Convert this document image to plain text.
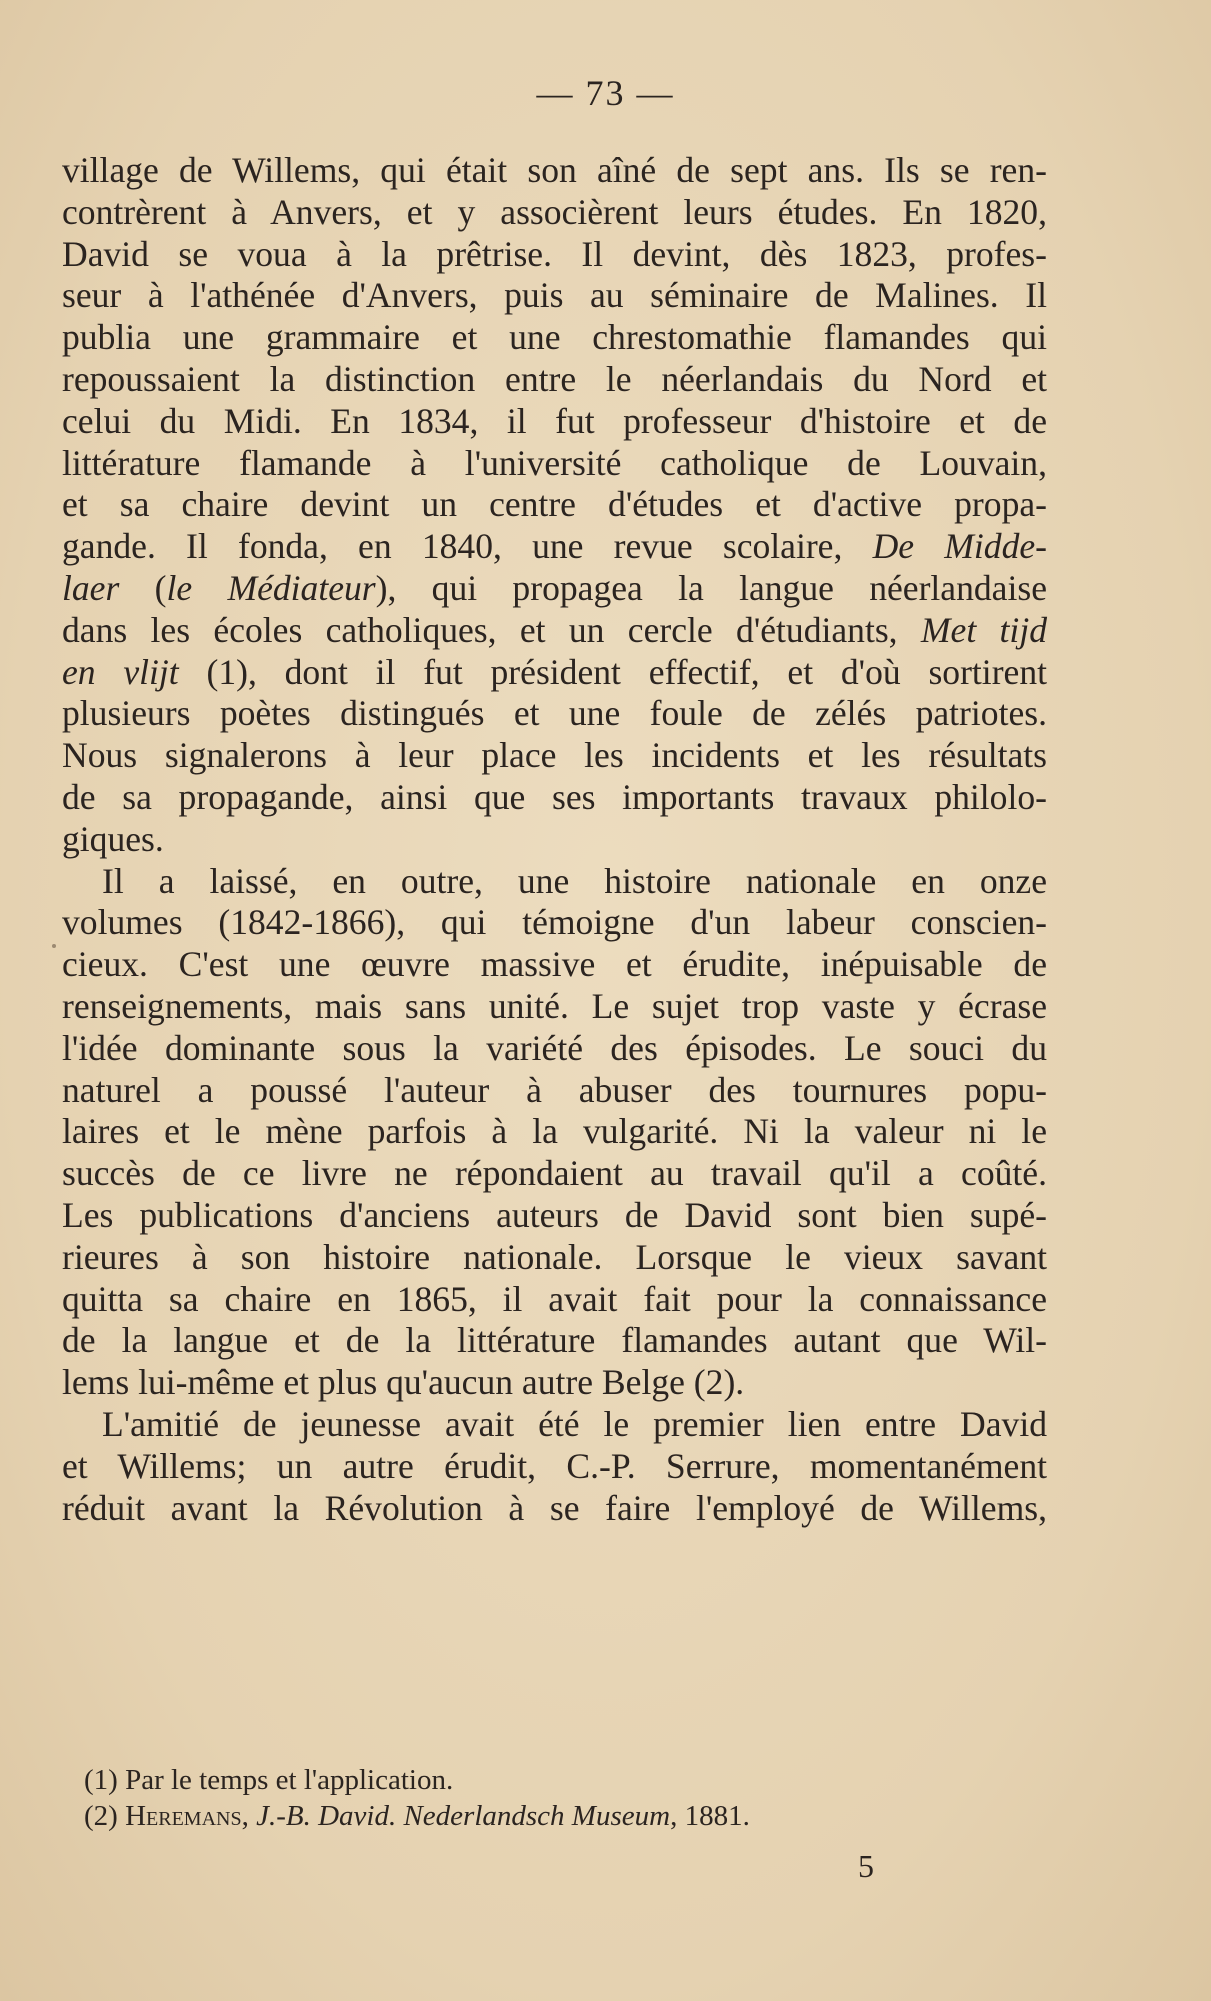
— 73 —
village de Willems, qui était son aîné de sept ans. Ils se ren-
contrèrent à Anvers, et y associèrent leurs études. En 1820,
David se voua à la prêtrise. Il devint, dès 1823, profes-
seur à l'athénée d'Anvers, puis au séminaire de Malines. Il
publia une grammaire et une chrestomathie flamandes qui
repoussaient la distinction entre le néerlandais du Nord et
celui du Midi. En 1834, il fut professeur d'histoire et de
littérature flamande à l'université catholique de Louvain,
et sa chaire devint un centre d'études et d'active propa-
gande. Il fonda, en 1840, une revue scolaire, De Midde-
laer (le Médiateur), qui propagea la langue néerlandaise
dans les écoles catholiques, et un cercle d'étudiants, Met tijd
en vlijt (1), dont il fut président effectif, et d'où sortirent
plusieurs poètes distingués et une foule de zélés patriotes.
Nous signalerons à leur place les incidents et les résultats
de sa propagande, ainsi que ses importants travaux philolo-
giques.
Il a laissé, en outre, une histoire nationale en onze
volumes (1842-1866), qui témoigne d'un labeur conscien-
cieux. C'est une œuvre massive et érudite, inépuisable de
renseignements, mais sans unité. Le sujet trop vaste y écrase
l'idée dominante sous la variété des épisodes. Le souci du
naturel a poussé l'auteur à abuser des tournures popu-
laires et le mène parfois à la vulgarité. Ni la valeur ni le
succès de ce livre ne répondaient au travail qu'il a coûté.
Les publications d'anciens auteurs de David sont bien supé-
rieures à son histoire nationale. Lorsque le vieux savant
quitta sa chaire en 1865, il avait fait pour la connaissance
de la langue et de la littérature flamandes autant que Wil-
lems lui-même et plus qu'aucun autre Belge (2).
L'amitié de jeunesse avait été le premier lien entre David
et Willems; un autre érudit, C.-P. Serrure, momentanément
réduit avant la Révolution à se faire l'employé de Willems,
(1) Par le temps et l'application.
(2) Heremans, J.-B. David. Nederlandsch Museum, 1881.
5
